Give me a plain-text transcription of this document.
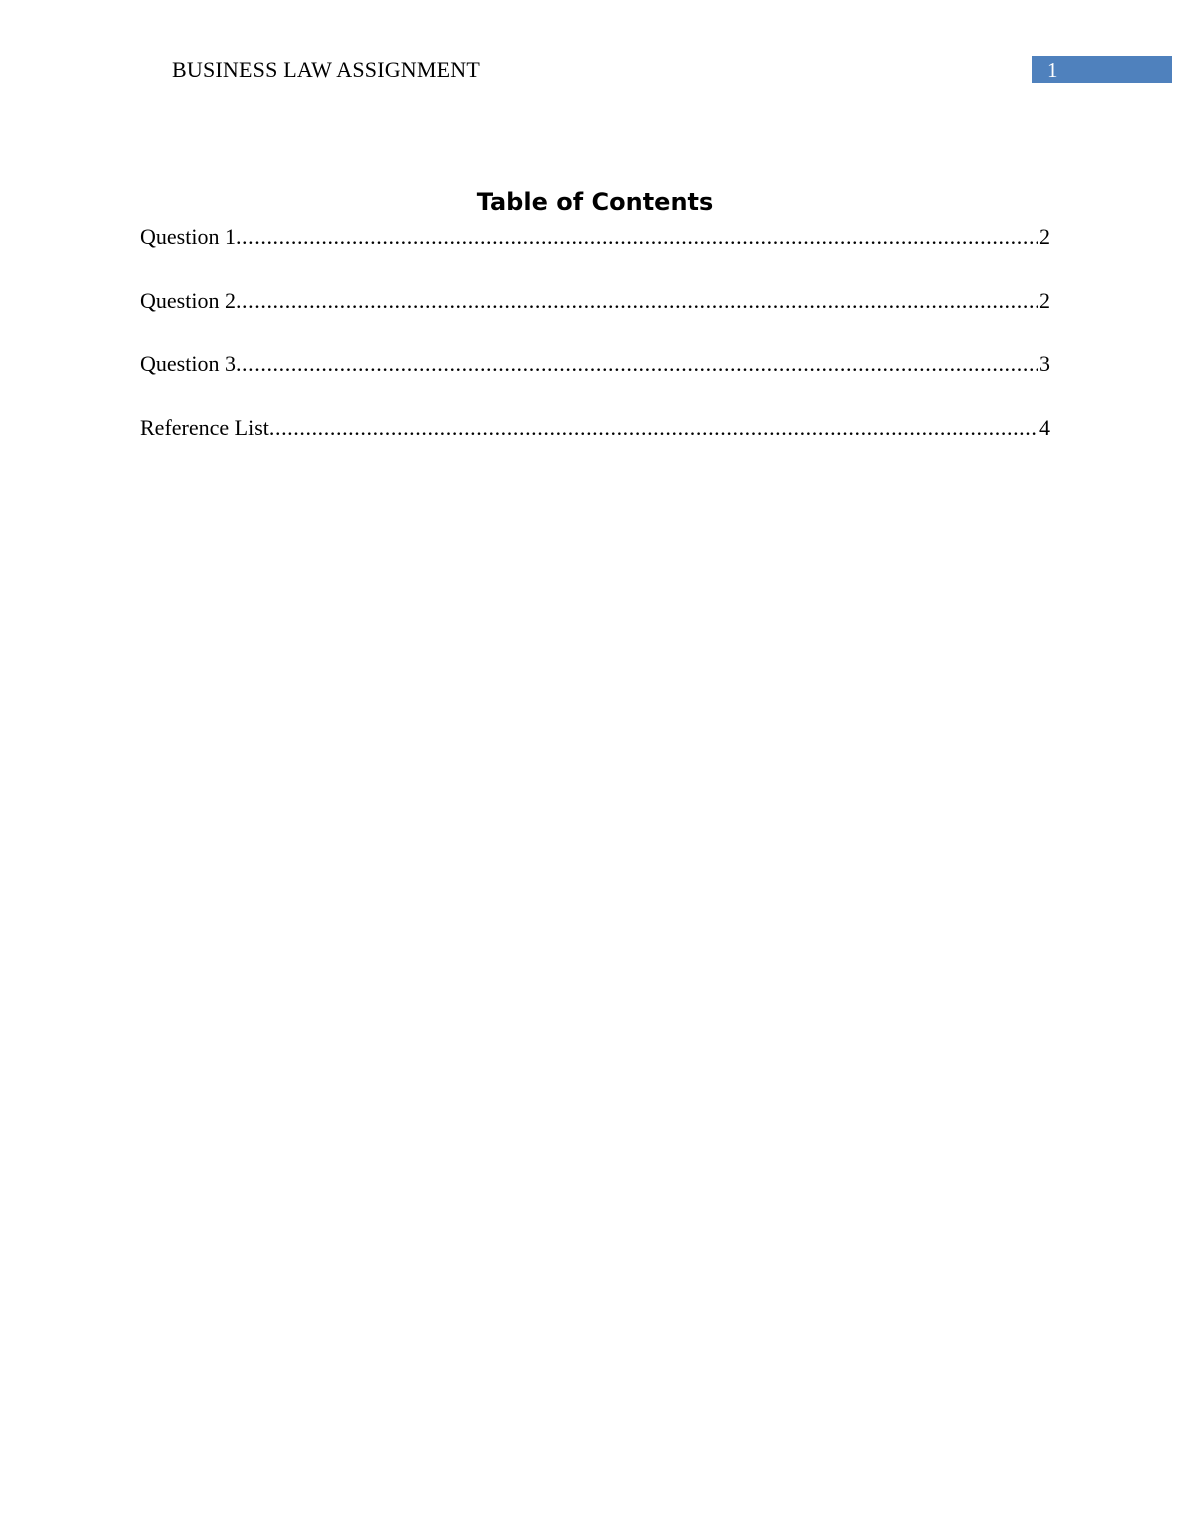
BUSINESS LAW ASSIGNMENT	1
Table of Contents
Question 1 .....	2
Question 2 .....	2
Question 3 .....	3
Reference List .....	4
